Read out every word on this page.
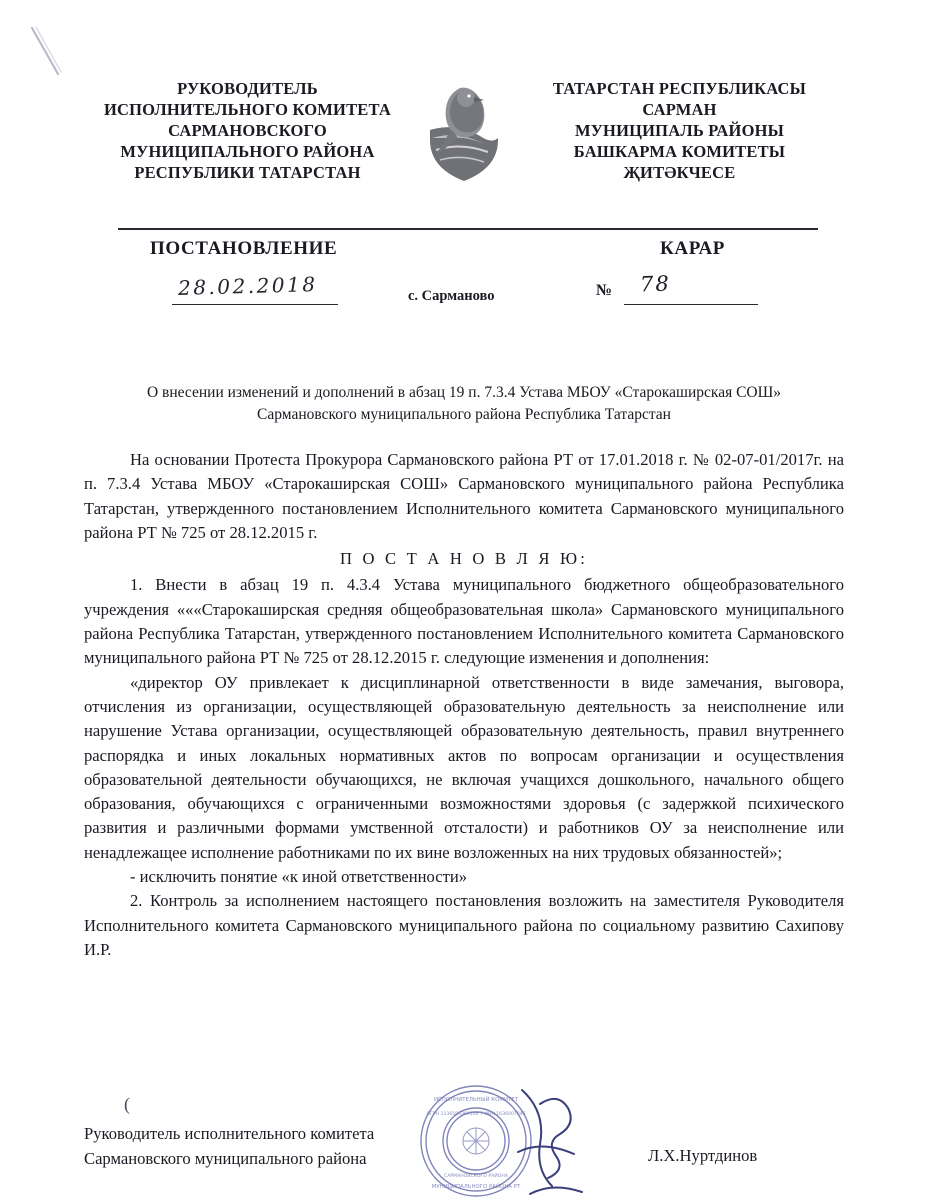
РУКОВОДИТЕЛЬ
ИСПОЛНИТЕЛЬНОГО КОМИТЕТА
САРМАНОВСКОГО
МУНИЦИПАЛЬНОГО РАЙОНА
РЕСПУБЛИКИ ТАТАРСТАН
ТАТАРСТАН РЕСПУБЛИКАСЫ
САРМАН
МУНИЦИПАЛЬ РАЙОНЫ
БАШКАРМА КОМИТЕТЫ
ҖИТӘКЧЕСЕ
ПОСТАНОВЛЕНИЕ	КАРАР
28.02.2018	с. Сарманово	№ 78
О внесении изменений и дополнений в абзац 19 п. 7.3.4 Устава МБОУ «Старокаширская СОШ»
Сармановского муниципального района Республика Татарстан

На основании Протеста Прокурора Сармановского района РТ от 17.01.2018 г. № 02-07-01/2017г. на п. 7.3.4 Устава МБОУ «Старокаширская СОШ» Сармановского муниципального района Республика Татарстан, утвержденного постановлением Исполнительного комитета Сармановского муниципального района РТ № 725 от 28.12.2015 г.

П О С Т А Н О В Л Я Ю:

1. Внести в абзац 19 п. 4.3.4 Устава муниципального бюджетного общеобразовательного учреждения «««Старокаширская средняя общеобразовательная школа» Сармановского муниципального района Республика Татарстан, утвержденного постановлением Исполнительного комитета Сармановского муниципального района РТ № 725 от 28.12.2015 г. следующие изменения и дополнения:

«директор ОУ привлекает к дисциплинарной ответственности в виде замечания, выговора, отчисления из организации, осуществляющей образовательную деятельность за неисполнение или нарушение Устава организации, осуществляющей образовательную деятельность, правил внутреннего распорядка и иных локальных нормативных актов по вопросам организации и осуществления образовательной деятельности обучающихся, не включая учащихся дошкольного, начального общего образования, обучающихся с ограниченными возможностями здоровья (с задержкой психического развития и различными формами умственной отсталости) и работников ОУ за неисполнение или ненадлежащее исполнение работниками по их вине возложенных на них трудовых обязанностей»;

- исключить понятие «к иной ответственности»

2. Контроль за исполнением настоящего постановления возложить на заместителя Руководителя Исполнительного комитета Сармановского муниципального района по социальному развитию Сахипову И.Р.

(
Руководитель исполнительного комитета
Сармановского муниципального района	Л.Х.Нуртдинов
ИСПОЛНИТЕЛЬНЫЙ КОМИТЕТ
МУНИЦИПАЛЬНОГО РАЙОНА РТ
ОГРН 1136595360100 7 ИНН 1636007046
САРМАНОВСКОГО РАЙОНА
